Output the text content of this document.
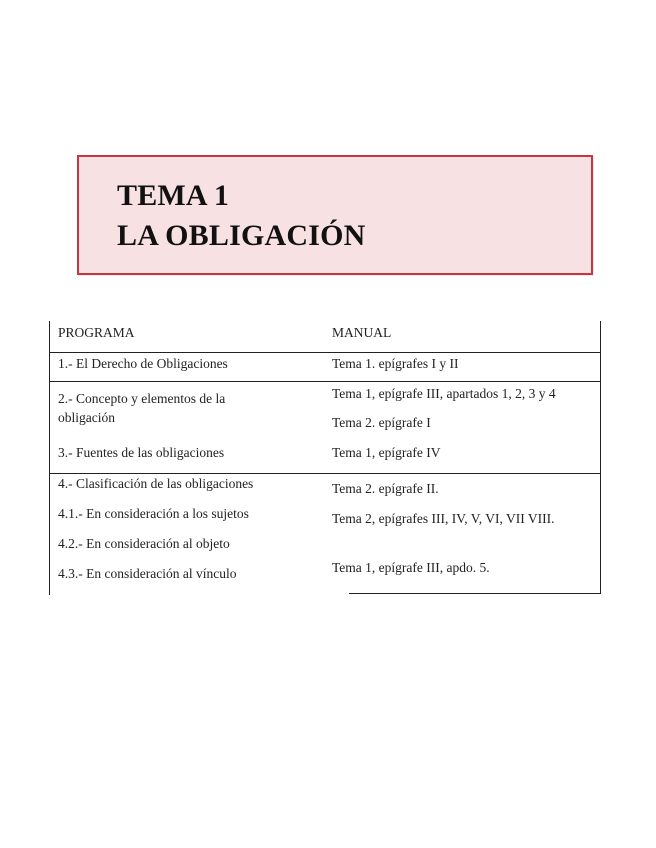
TEMA 1
LA OBLIGACIÓN
PROGRAMA	MANUAL
1.- El Derecho de Obligaciones	Tema 1. epígrafes I y II
2.- Concepto y elementos de la obligación
3.- Fuentes de las obligaciones
Tema 1, epígrafe III, apartados 1, 2, 3 y 4
Tema 2. epígrafe I
Tema 1, epígrafe IV
4.- Clasificación de las obligaciones
4.1.- En consideración a los sujetos
4.2.- En consideración al objeto
4.3.- En consideración al vínculo
Tema 2. epígrafe II.
Tema 2, epígrafes III, IV, V, VI, VII VIII.
Tema 1, epígrafe III, apdo. 5.
